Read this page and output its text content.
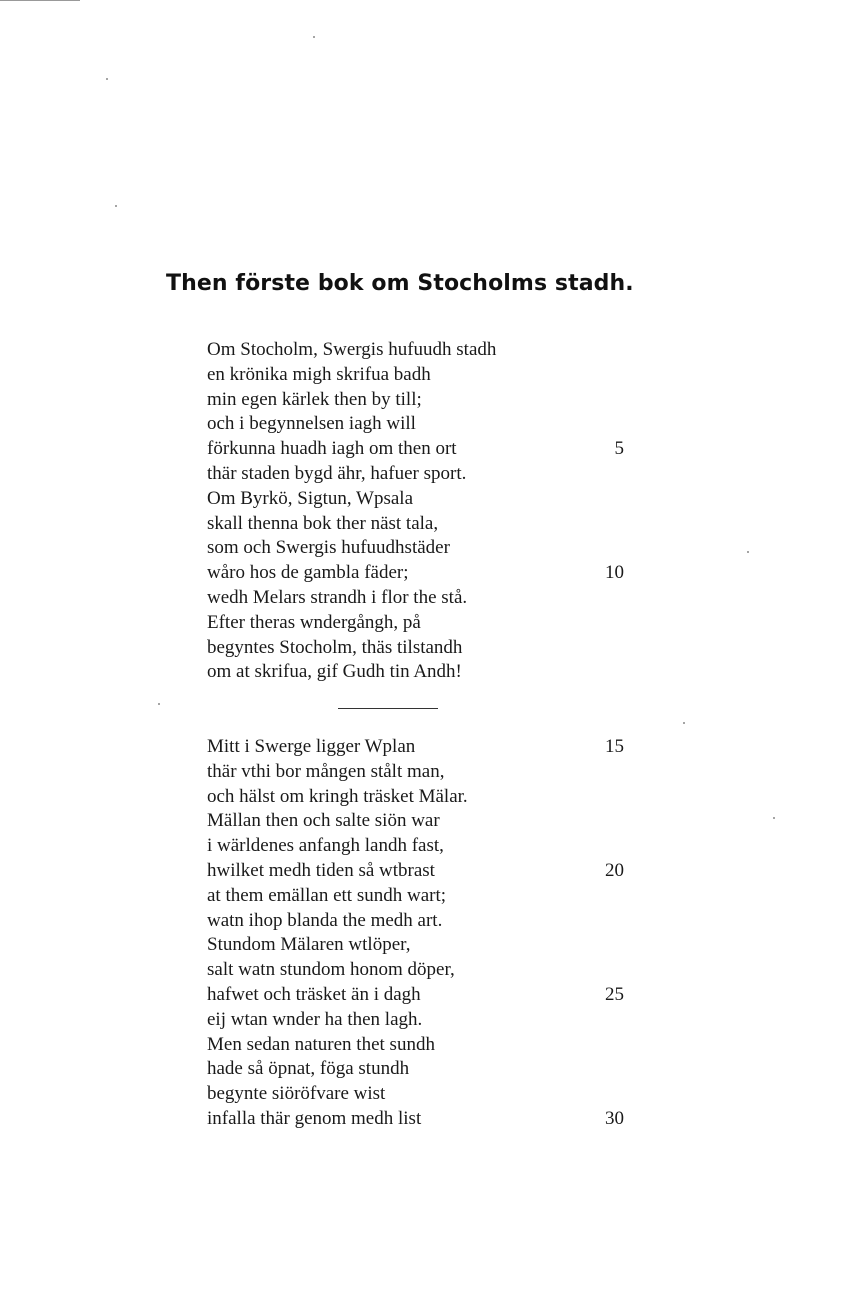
Then förste bok om Stocholms stadh.
Om Stocholm, Swergis hufuudh stadh
en krönika migh skrifua badh
min egen kärlek then by till;
och i begynnelsen iagh will
förkunna huadh iagh om then ort	5
thär staden bygd ähr, hafuer sport.
Om Byrkö, Sigtun, Wpsala
skall thenna bok ther näst tala,
som och Swergis hufuudhstäder
wåro hos de gambla fäder;	10
wedh Melars strandh i flor the stå.
Efter theras wndergångh, på
begyntes Stocholm, thäs tilstandh
om at skrifua, gif Gudh tin Andh!
Mitt i Swerge ligger Wplan	15
thär vthi bor mången stålt man,
och hälst om kringh träsket Mälar.
Mällan then och salte siön war
i wärldenes anfangh landh fast,
hwilket medh tiden så wtbrast	20
at them emällan ett sundh wart;
watn ihop blanda the medh art.
Stundom Mälaren wtlöper,
salt watn stundom honom döper,
hafwet och träsket än i dagh	25
eij wtan wnder ha then lagh.
Men sedan naturen thet sundh
hade så öpnat, föga stundh
begynte siöröfvare wist
infalla thär genom medh list	30
